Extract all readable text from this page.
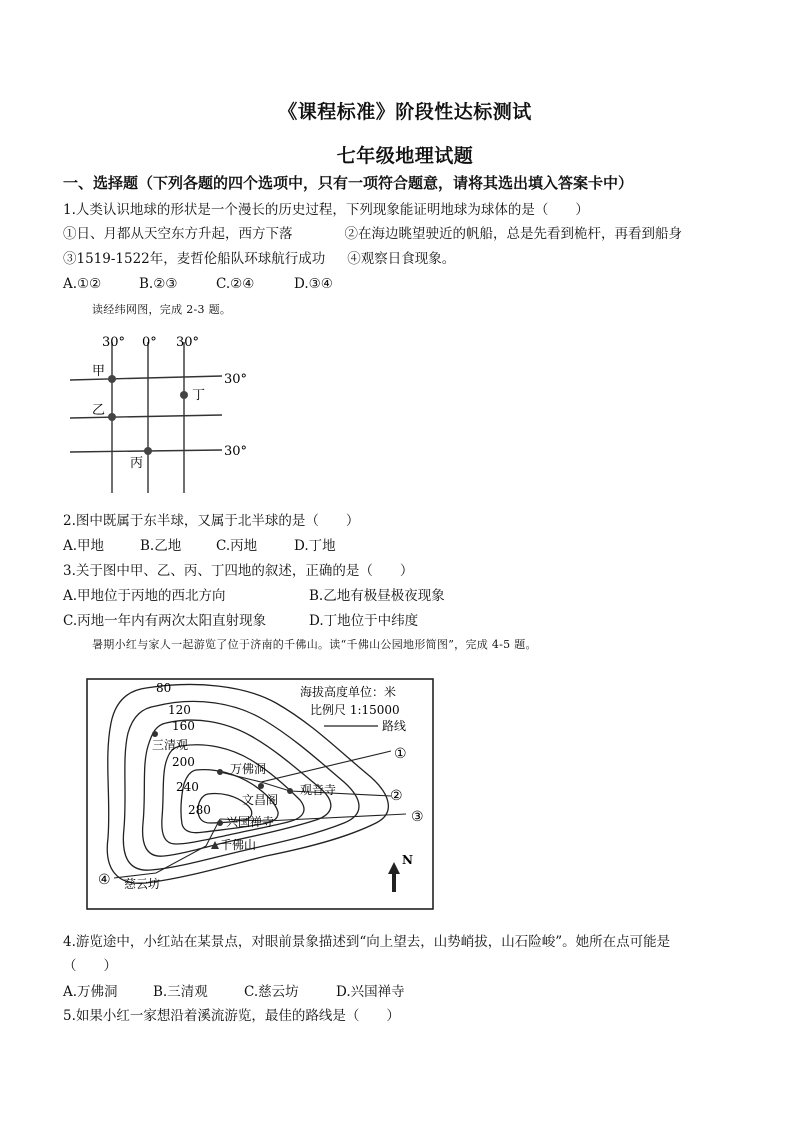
《课程标准》阶段性达标测试
七年级地理试题
一、选择题（下列各题的四个选项中，只有一项符合题意，请将其选出填入答案卡中）
1.人类认识地球的形状是一个漫长的历史过程，下列现象能证明地球为球体的是（　　）
①日、月都从天空东方升起，西方下落	②在海边眺望驶近的帆船，总是先看到桅杆，再看到船身
③1519-1522年，麦哲伦船队环球航行成功 ④观察日食现象。
A.①②	B.②③	C.②④	D.③④
读经纬网图，完成 2-3 题。
30° 0° 30°
30°
30°
甲
乙
丙
丁
2.图中既属于东半球，又属于北半球的是（　　）
A.甲地	B.乙地	C.丙地	D.丁地
3.关于图中甲、乙、丙、丁四地的叙述，正确的是（　　）
A.甲地位于丙地的西北方向	B.乙地有极昼极夜现象
C.丙地一年内有两次太阳直射现象	D.丁地位于中纬度
暑期小红与家人一起游览了位于济南的千佛山。读“千佛山公园地形简图”，完成 4-5 题。
80
120
160
200
240
280
三清观
万佛洞
文昌阁
观音寺
兴国禅寺
千佛山
慈云坊
①
②
③
④
海拔高度单位：米
比例尺 1:15000
路线
N
4.游览途中，小红站在某景点，对眼前景象描述到“向上望去，山势峭拔，山石险峻”。她所在点可能是
（　　）
A.万佛洞	B.三清观	C.慈云坊	D.兴国禅寺
5.如果小红一家想沿着溪流游览，最佳的路线是（　　）
